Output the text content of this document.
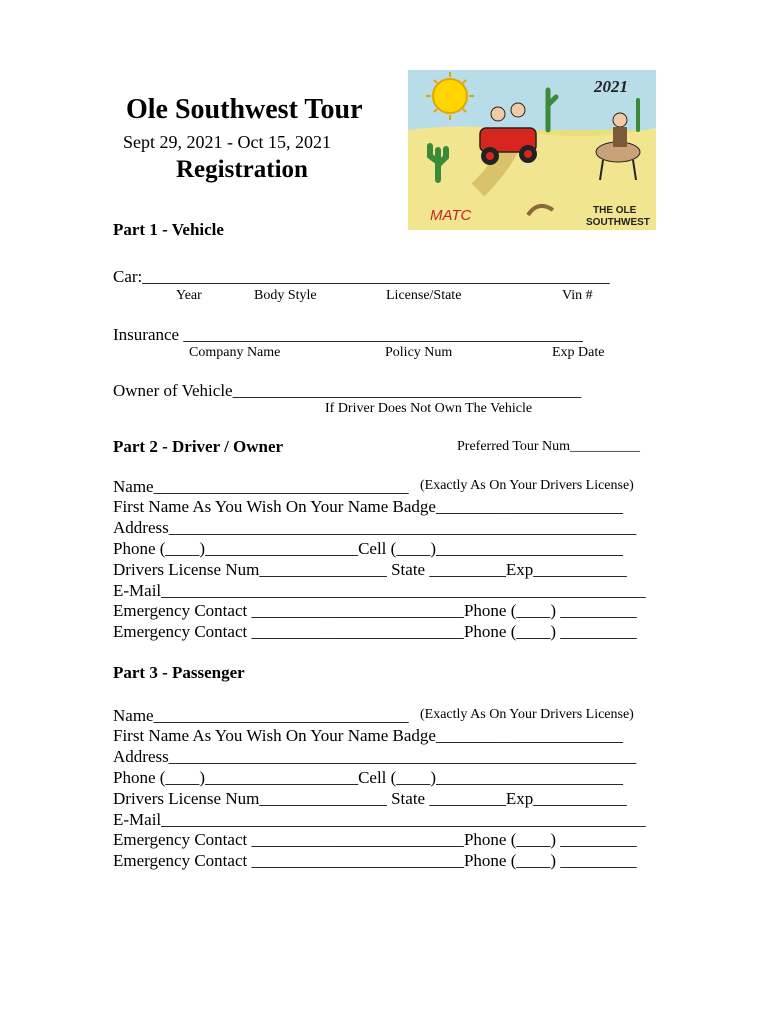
Ole Southwest Tour
Sept 29, 2021 - Oct 15, 2021
Registration
2021
MATC	THE OLE
SOUTHWEST
Part 1 - Vehicle
Car:_______________________________________________________
Year	Body Style	License/State	Vin #
Insurance _______________________________________________
Company Name	Policy Num	Exp Date
Owner of Vehicle_________________________________________
If Driver Does Not Own The Vehicle
Part 2 - Driver / Owner	Preferred Tour Num__________
Name______________________________ (Exactly As On Your Drivers License)
First Name As You Wish On Your Name Badge______________________
Address_______________________________________________________
Phone (____)__________________Cell (____)______________________
Drivers License Num_______________ State _________Exp___________
E-Mail_________________________________________________________
Emergency Contact _________________________Phone (____) _________
Emergency Contact _________________________Phone (____) _________
Part 3 - Passenger
Name______________________________ (Exactly As On Your Drivers License)
First Name As You Wish On Your Name Badge______________________
Address_______________________________________________________
Phone (____)__________________Cell (____)______________________
Drivers License Num_______________ State _________Exp___________
E-Mail_________________________________________________________
Emergency Contact _________________________Phone (____) _________
Emergency Contact _________________________Phone (____) _________
